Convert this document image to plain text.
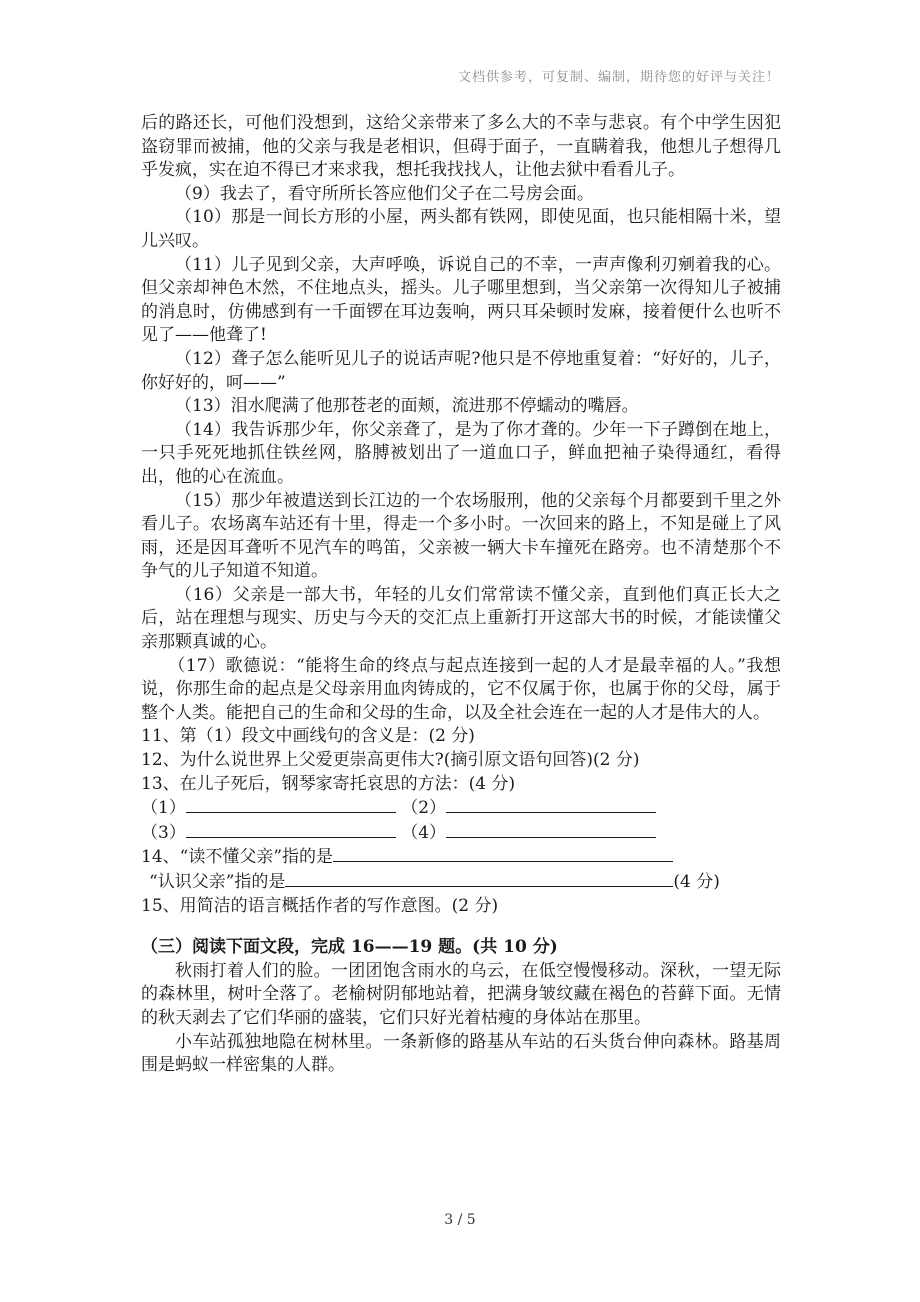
文档供参考，可复制、编制，期待您的好评与关注！

后的路还长，可他们没想到，这给父亲带来了多么大的不幸与悲哀。有个中学生因犯盗窃罪而被捕，他的父亲与我是老相识，但碍于面子，一直瞒着我，他想儿子想得几乎发疯，实在迫不得已才来求我，想托我找找人，让他去狱中看看儿子。

（9）我去了，看守所所长答应他们父子在二号房会面。

（10）那是一间长方形的小屋，两头都有铁网，即使见面，也只能相隔十米，望儿兴叹。

（11）儿子见到父亲，大声呼唤，诉说自己的不幸，一声声像利刃剜着我的心。但父亲却神色木然，不住地点头，摇头。儿子哪里想到，当父亲第一次得知儿子被捕的消息时，仿佛感到有一千面锣在耳边轰响，两只耳朵顿时发麻，接着便什么也听不见了——他聋了!

（12）聋子怎么能听见儿子的说话声呢?他只是不停地重复着：“好好的，儿子，你好好的，呵——”

（13）泪水爬满了他那苍老的面颊，流进那不停蠕动的嘴唇。

（14）我告诉那少年，你父亲聋了，是为了你才聋的。少年一下子蹲倒在地上，一只手死死地抓住铁丝网，胳膊被划出了一道血口子，鲜血把袖子染得通红，看得出，他的心在流血。

（15）那少年被遣送到长江边的一个农场服刑，他的父亲每个月都要到千里之外看儿子。农场离车站还有十里，得走一个多小时。一次回来的路上，不知是碰上了风雨，还是因耳聋听不见汽车的鸣笛，父亲被一辆大卡车撞死在路旁。也不清楚那个不争气的儿子知道不知道。

（16）父亲是一部大书，年轻的儿女们常常读不懂父亲，直到他们真正长大之后，站在理想与现实、历史与今天的交汇点上重新打开这部大书的时候，才能读懂父亲那颗真诚的心。

（17）歌德说：“能将生命的终点与起点连接到一起的人才是最幸福的人。”我想说，你那生命的起点是父母亲用血肉铸成的，它不仅属于你，也属于你的父母，属于整个人类。能把自己的生命和父母的生命，以及全社会连在一起的人才是伟大的人。

11、第（1）段文中画线句的含义是：(2 分)

12、为什么说世界上父爱更崇高更伟大?(摘引原文语句回答)(2 分)

13、在儿子死后，钢琴家寄托哀思的方法：(4 分)

（1）	（2）

（3）	（4）

14、“读不懂父亲”指的是

“认识父亲”指的是	(4 分)

15、用简洁的语言概括作者的写作意图。(2 分)

（三）阅读下面文段，完成 16——19 题。(共 10 分)

秋雨打着人们的脸。一团团饱含雨水的乌云，在低空慢慢移动。深秋，一望无际的森林里，树叶全落了。老榆树阴郁地站着，把满身皱纹藏在褐色的苔藓下面。无情的秋天剥去了它们华丽的盛装，它们只好光着枯瘦的身体站在那里。

小车站孤独地隐在树林里。一条新修的路基从车站的石头货台伸向森林。路基周围是蚂蚁一样密集的人群。

3 / 5
